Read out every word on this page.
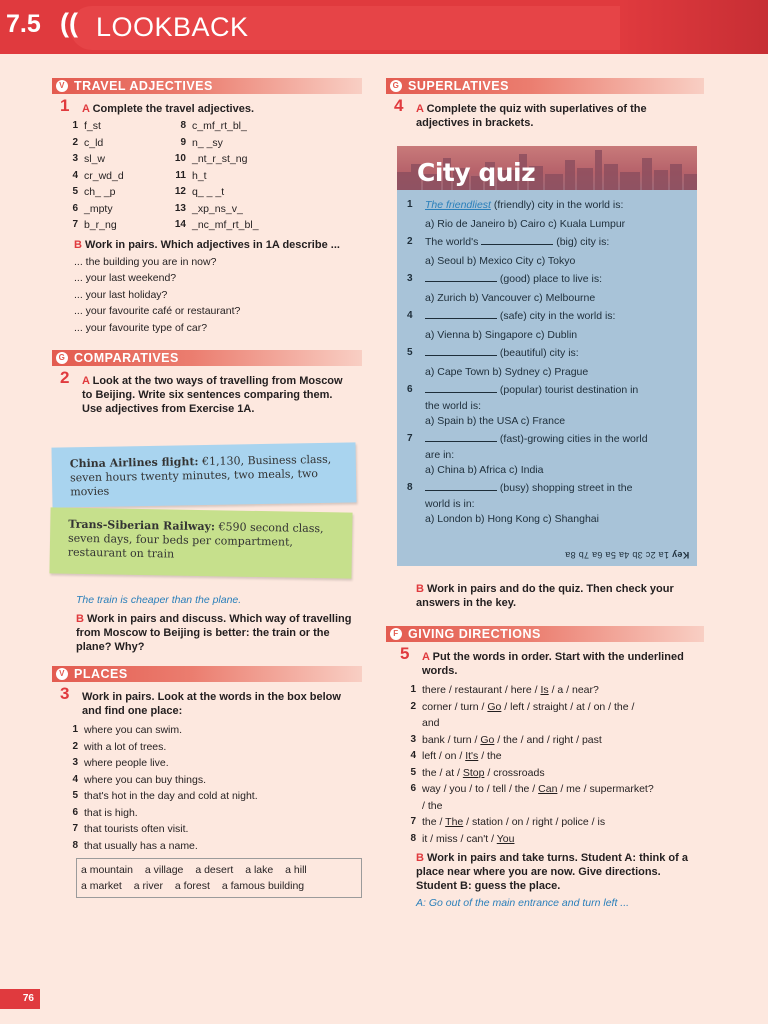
7.5 (( LOOKBACK
V TRAVEL ADJECTIVES
1 A Complete the travel adjectives.
1 f_st
2 c_ld
3 sl_w
4 cr_wd_d
5 ch_ _p
6 _mpty
7 b_r_ng
8 c_mf_rt_bl_
9 n_ _sy
10 _nt_r_st_ng
11 h_t
12 q_ _ _t
13 _xp_ns_v_
14 _nc_mf_rt_bl_
B Work in pairs. Which adjectives in 1A describe ...
... the building you are in now?
... your last weekend?
... your last holiday?
... your favourite café or restaurant?
... your favourite type of car?
G COMPARATIVES
2 A Look at the two ways of travelling from Moscow to Beijing. Write six sentences comparing them. Use adjectives from Exercise 1A.
China Airlines flight: €1,130, Business class, seven hours twenty minutes, two meals, two movies
Trans-Siberian Railway: €590 second class, seven days, four beds per compartment, restaurant on train
The train is cheaper than the plane.
B Work in pairs and discuss. Which way of travelling from Moscow to Beijing is better: the train or the plane? Why?
V PLACES
3 Work in pairs. Look at the words in the box below and find one place:
1 where you can swim.
2 with a lot of trees.
3 where people live.
4 where you can buy things.
5 that's hot in the day and cold at night.
6 that is high.
7 that tourists often visit.
8 that usually has a name.
a mountain a village a desert a lake a hill
a market a river a forest a famous building
G SUPERLATIVES
4 A Complete the quiz with superlatives of the adjectives in brackets.
City quiz
1	The friendliest (friendly) city in the world is:
a) Rio de Janeiro b) Cairo c) Kuala Lumpur
2	The world's	(big) city is:
a) Seoul b) Mexico City c) Tokyo
3	(good) place to live is:
a) Zurich b) Vancouver c) Melbourne
4	(safe) city in the world is:
a) Vienna b) Singapore c) Dublin
5	(beautiful) city is:
a) Cape Town b) Sydney c) Prague
6	(popular) tourist destination in
the world is:
a) Spain b) the USA c) France
7	(fast)-growing cities in the world
are in:
a) China b) Africa c) India
8	(busy) shopping street in the
world is in:
a) London b) Hong Kong c) Shanghai
Key 1a 2c 3b 4a 5a 6a 7b 8a
B Work in pairs and do the quiz. Then check your answers in the key.
F GIVING DIRECTIONS
5 A Put the words in order. Start with the underlined words.
1 there / restaurant / here / Is / a / near?
2 corner / turn / Go / left / straight / at / on / the /
and
3 bank / turn / Go / the / and / right / past
4 left / on / It's / the
5 the / at / Stop / crossroads
6 way / you / to / tell / the / Can / me / supermarket?
/ the
7 the / The / station / on / right / police / is
8 it / miss / can't / You
B Work in pairs and take turns. Student A: think of a place near where you are now. Give directions. Student B: guess the place.
A: Go out of the main entrance and turn left ...
76
